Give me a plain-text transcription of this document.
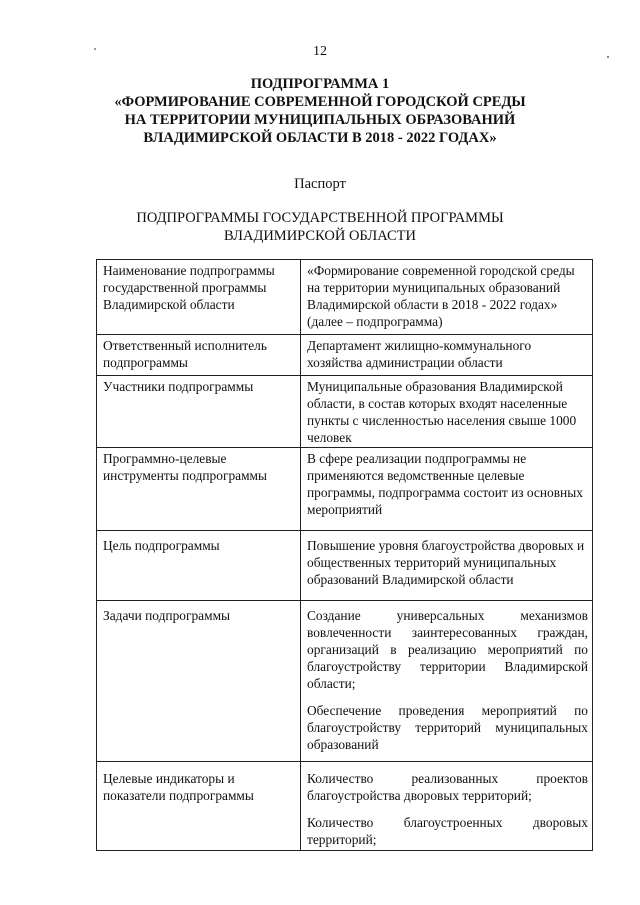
12
ПОДПРОГРАММА 1
«ФОРМИРОВАНИЕ СОВРЕМЕННОЙ ГОРОДСКОЙ СРЕДЫ
НА ТЕРРИТОРИИ МУНИЦИПАЛЬНЫХ ОБРАЗОВАНИЙ
ВЛАДИМИРСКОЙ ОБЛАСТИ В 2018 - 2022 ГОДАХ»
Паспорт
ПОДПРОГРАММЫ ГОСУДАРСТВЕННОЙ ПРОГРАММЫ
ВЛАДИМИРСКОЙ ОБЛАСТИ
Наименование подпрограммы государственной программы Владимирской области	«Формирование современной городской среды на территории муниципальных образований Владимирской области в 2018 - 2022 годах» (далее – подпрограмма)
Ответственный исполнитель подпрограммы	Департамент жилищно-коммунального хозяйства администрации области
Участники подпрограммы	Муниципальные образования Владимирской области, в состав которых входят населенные пункты с численностью населения свыше 1000 человек
Программно-целевые инструменты подпрограммы	В сфере реализации подпрограммы не применяются ведомственные целевые программы, подпрограмма состоит из основных мероприятий
Цель подпрограммы	Повышение уровня благоустройства дворовых и общественных территорий муниципальных образований Владимирской области
Задачи подпрограммы	Создание универсальных механизмов вовлеченности заинтересованных граждан, организаций в реализацию мероприятий по благоустройству территории Владимирской области;
Обеспечение проведения мероприятий по благоустройству территорий муниципальных образований

Целевые индикаторы и показатели подпрограммы	Количество реализованных проектов благоустройства дворовых территорий;
Количество благоустроенных дворовых территорий;
